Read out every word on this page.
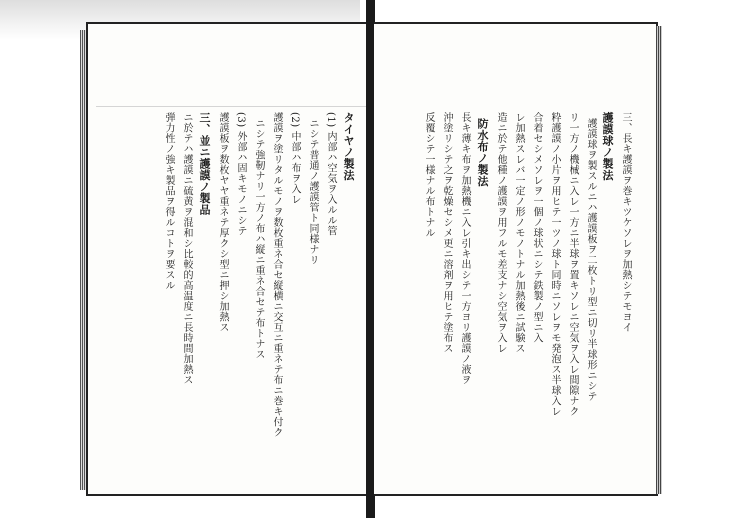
三、長キ護謨ヲ巻キツケソレヲ加熱シテモヨイ
護謨球ノ製法
護謨球ヲ製スルニハ護謨板ヲ二枚トリ型ニ切リ半球形ニシテ
リ一方ノ機械ニ入レ一方ニ半球ヲ置キソレニ空気ヲ入レ間隙ナク
粋護謨ノ小片ヲ用ヒテ一ツノ球ト同時ニソレヲモ発泡ス半球入レ
合着セシメソレヲ一個ノ球状ニシテ鉄製ノ型ニ入
レ加熱スレバ一定ノ形ノモノトナル加熱後ニ試験ス
造ニ於テ他種ノ護謨ヲ用フルモ差支ナシ空気ヲ入レ
防水布ノ製法
長キ薄キ布ヲ加熱機ニ入レ引キ出シテ一方ヨリ護謨ノ液ヲ
沖塗リシテ之ヲ乾燥セシメ更ニ溶剤ヲ用ヒテ塗布ス
反覆シテ一様ナル布トナル
タイヤノ製法
(1) 内部ハ空気ヲ入ルル管
ニシテ普通ノ護謨管ト同様ナリ
(2) 中部ハ布ヲ入レ
護謨ヲ塗リタルモノヲ数枚重ネ合セ縦横ニ交互ニ重ネテ布ニ巻キ付ク
ニシテ強靭ナリ一方ノ布ハ縦ニ重ネ合セテ布トナス
(3) 外部ハ固キモノニシテ
護謨板ヲ数枚ヤヤ重ネテ厚クシ型ニ押シ加熱ス
三、並ニ護謨ノ製品
ニ於テハ護謨ニ硫黄ヲ混和シ比較的高温度ニ長時間加熱ス
弾力性ノ強キ製品ヲ得ルコトヲ要スル
